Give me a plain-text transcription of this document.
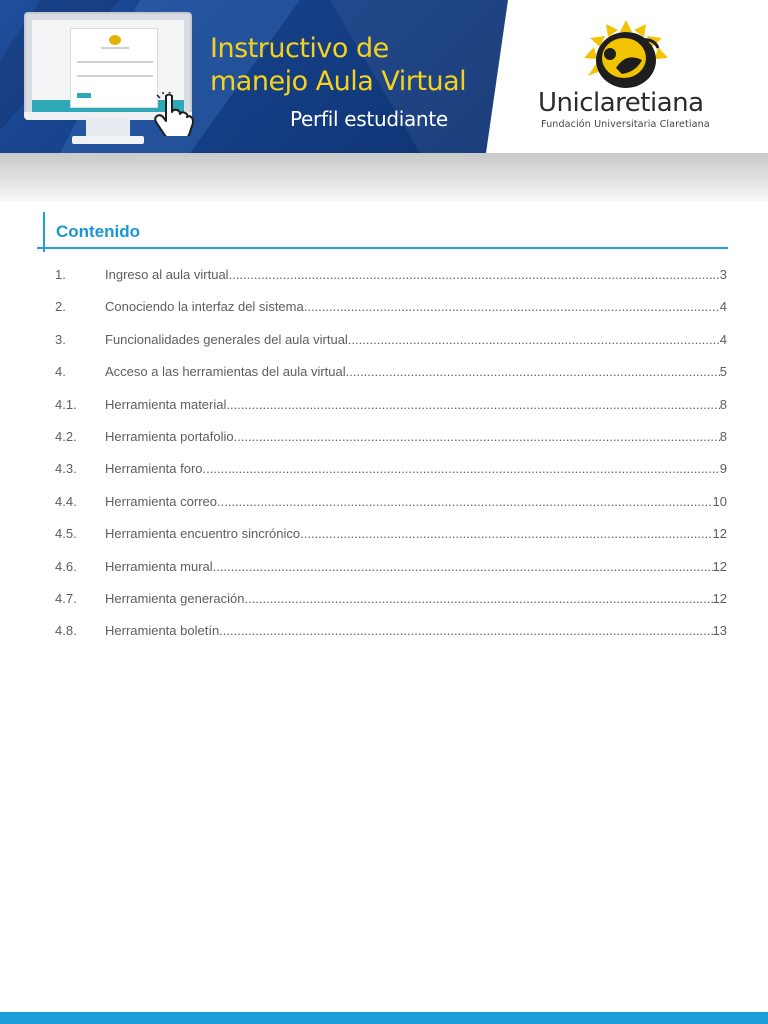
Instructivo de
manejo Aula Virtual
Perfil estudiante
Uniclaretiana
Fundación Universitaria Claretiana
Contenido
1.	Ingreso al aula virtual .....	3
2.	Conociendo la interfaz del sistema .....	4
3.	Funcionalidades generales del aula virtual .....	4
4.	Acceso a las herramientas del aula virtual .....	5
4.1.	Herramienta material .....	8
4.2.	Herramienta portafolio .....	8
4.3.	Herramienta foro .....	9
4.4.	Herramienta correo .....	10
4.5.	Herramienta encuentro sincrónico .....	12
4.6.	Herramienta mural .....	12
4.7.	Herramienta generación .....	12
4.8.	Herramienta boletín .....	13
